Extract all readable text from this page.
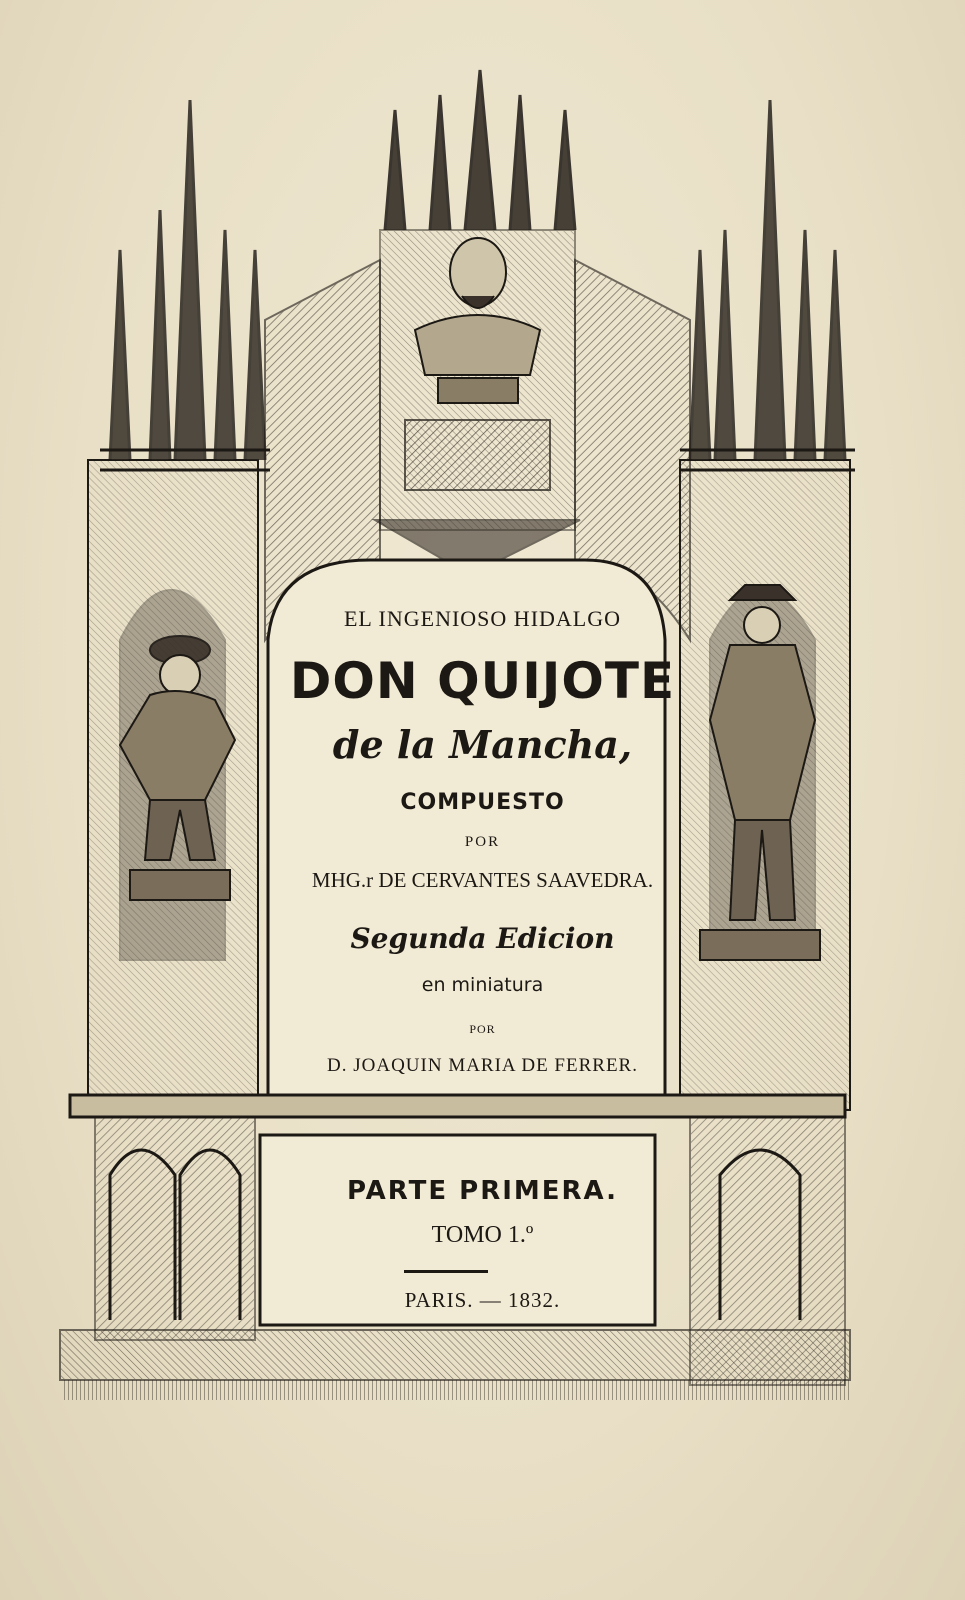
EL INGENIOSO HIDALGO
DON QUIJOTE
de la Mancha,
COMPUESTO
POR
MHG.r DE CERVANTES SAAVEDRA.
Segunda Edicion
en miniatura
POR
D. JOAQUIN MARIA DE FERRER.
PARTE PRIMERA.
TOMO 1.º
PARIS. — 1832.
